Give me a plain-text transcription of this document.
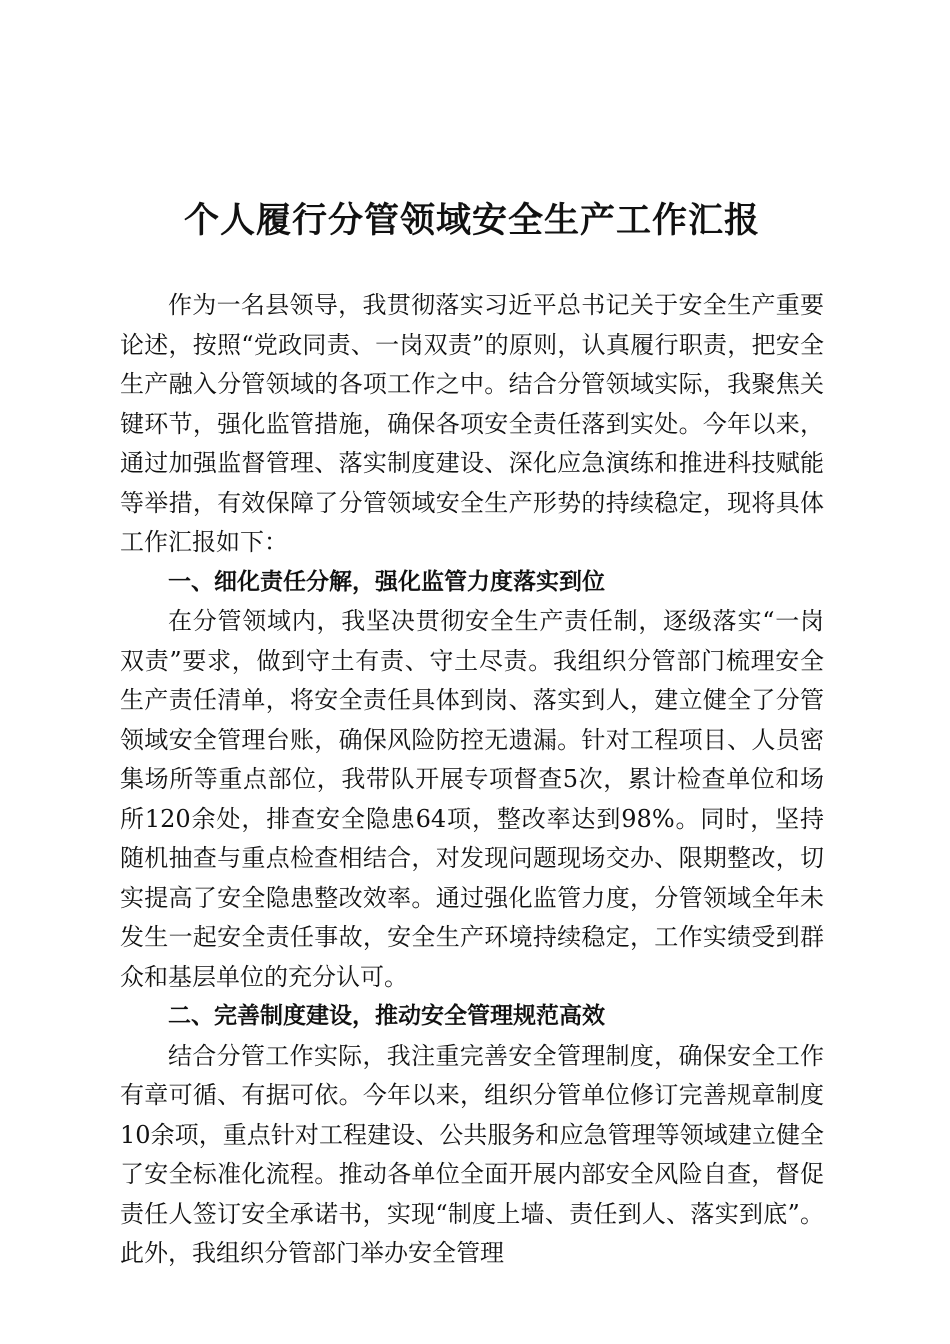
个人履行分管领域安全生产工作汇报

作为一名县领导，我贯彻落实习近平总书记关于安全生产重要论述，按照“党政同责、一岗双责”的原则，认真履行职责，把安全生产融入分管领域的各项工作之中。结合分管领域实际，我聚焦关键环节，强化监管措施，确保各项安全责任落到实处。今年以来，通过加强监督管理、落实制度建设、深化应急演练和推进科技赋能等举措，有效保障了分管领域安全生产形势的持续稳定，现将具体工作汇报如下：

一、细化责任分解，强化监管力度落实到位

在分管领域内，我坚决贯彻安全生产责任制，逐级落实“一岗双责”要求，做到守土有责、守土尽责。我组织分管部门梳理安全生产责任清单，将安全责任具体到岗、落实到人，建立健全了分管领域安全管理台账，确保风险防控无遗漏。针对工程项目、人员密集场所等重点部位，我带队开展专项督查5次，累计检查单位和场所120余处，排查安全隐患64项，整改率达到98%。同时，坚持随机抽查与重点检查相结合，对发现问题现场交办、限期整改，切实提高了安全隐患整改效率。通过强化监管力度，分管领域全年未发生一起安全责任事故，安全生产环境持续稳定，工作实绩受到群众和基层单位的充分认可。

二、完善制度建设，推动安全管理规范高效

结合分管工作实际，我注重完善安全管理制度，确保安全工作有章可循、有据可依。今年以来，组织分管单位修订完善规章制度10余项，重点针对工程建设、公共服务和应急管理等领域建立健全了安全标准化流程。推动各单位全面开展内部安全风险自查，督促责任人签订安全承诺书，实现“制度上墙、责任到人、落实到底”。此外，我组织分管部门举办安全管理
